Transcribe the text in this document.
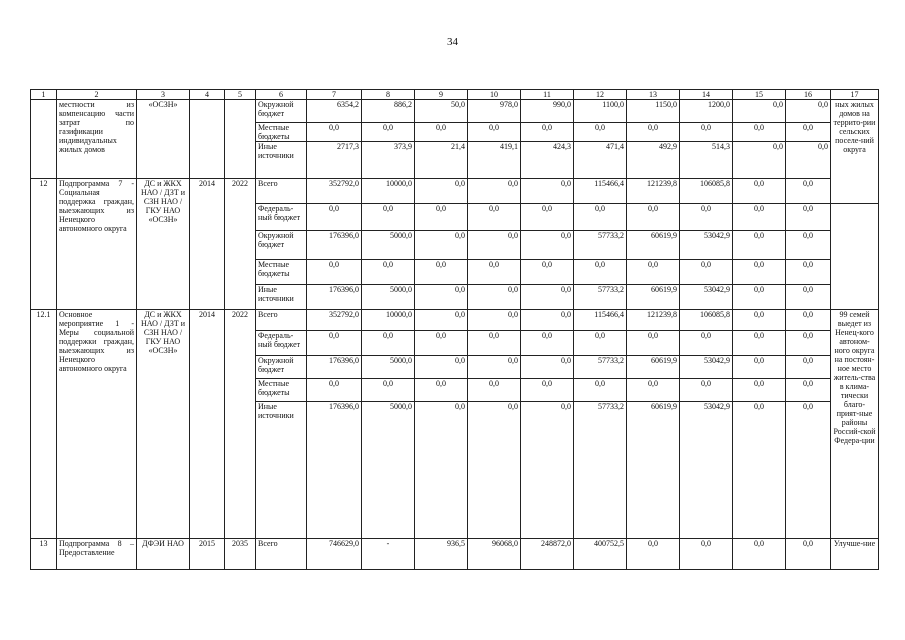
34
1	2	3	4	5	6	7	8	9	10	11	12	13	14	15	16	17
	местности из компенсацию части затрат по газификации индивидуальных жилых домов	«ОСЗН»			Окружной бюджет	6354,2	886,2	50,0	978,0	990,0	1100,0	1150,0	1200,0	0,0	0,0	ных жилых домов на террито-рии сельских поселе-ний округа
					Местные бюджеты	0,0	0,0	0,0	0,0	0,0	0,0	0,0	0,0	0,0	0,0	
					Иные источники	2717,3	373,9	21,4	419,1	424,3	471,4	492,9	514,3	0,0	0,0	
12	Подпрограмма 7 - Социальная поддержка граждан, выезжающих из Ненецкого автономного округа	ДС и ЖКХ НАО / ДЗТ и СЗН НАО / ГКУ НАО «ОСЗН»	2014	2022	Всего	352792,0	10000,0	0,0	0,0	0,0	115466,4	121239,8	106085,8	0,0	0,0	
					Федераль-ный бюджет	0,0	0,0	0,0	0,0	0,0	0,0	0,0	0,0	0,0	0,0	
					Окружной бюджет	176396,0	5000,0	0,0	0,0	0,0	57733,2	60619,9	53042,9	0,0	0,0	
					Местные бюджеты	0,0	0,0	0,0	0,0	0,0	0,0	0,0	0,0	0,0	0,0	
					Иные источники	176396,0	5000,0	0,0	0,0	0,0	57733,2	60619,9	53042,9	0,0	0,0	
12.1	Основное мероприятие 1 - Меры социальной поддержки граждан, выезжающих из Ненецкого автономного округа	ДС и ЖКХ НАО / ДЗТ и СЗН НАО / ГКУ НАО «ОСЗН»	2014	2022	Всего	352792,0	10000,0	0,0	0,0	0,0	115466,4	121239,8	106085,8	0,0	0,0	99 семей выедет из Ненец-кого автоном-ного округа на постоян-ное место житель-ства в клима-тически благо-прият-ные районы Россий-ской Федера-ции
					Федераль-ный бюджет	0,0	0,0	0,0	0,0	0,0	0,0	0,0	0,0	0,0	0,0	
					Окружной бюджет	176396,0	5000,0	0,0	0,0	0,0	57733,2	60619,9	53042,9	0,0	0,0	
					Местные бюджеты	0,0	0,0	0,0	0,0	0,0	0,0	0,0	0,0	0,0	0,0	
					Иные источники	176396,0	5000,0	0,0	0,0	0,0	57733,2	60619,9	53042,9	0,0	0,0	
13	Подпрограмма 8 – Предоставление	ДФЭИ НАО	2015	2035	Всего	746629,0	-	936,5	96068,0	248872,0	400752,5	0,0	0,0	0,0	0,0	Улучше-ние
